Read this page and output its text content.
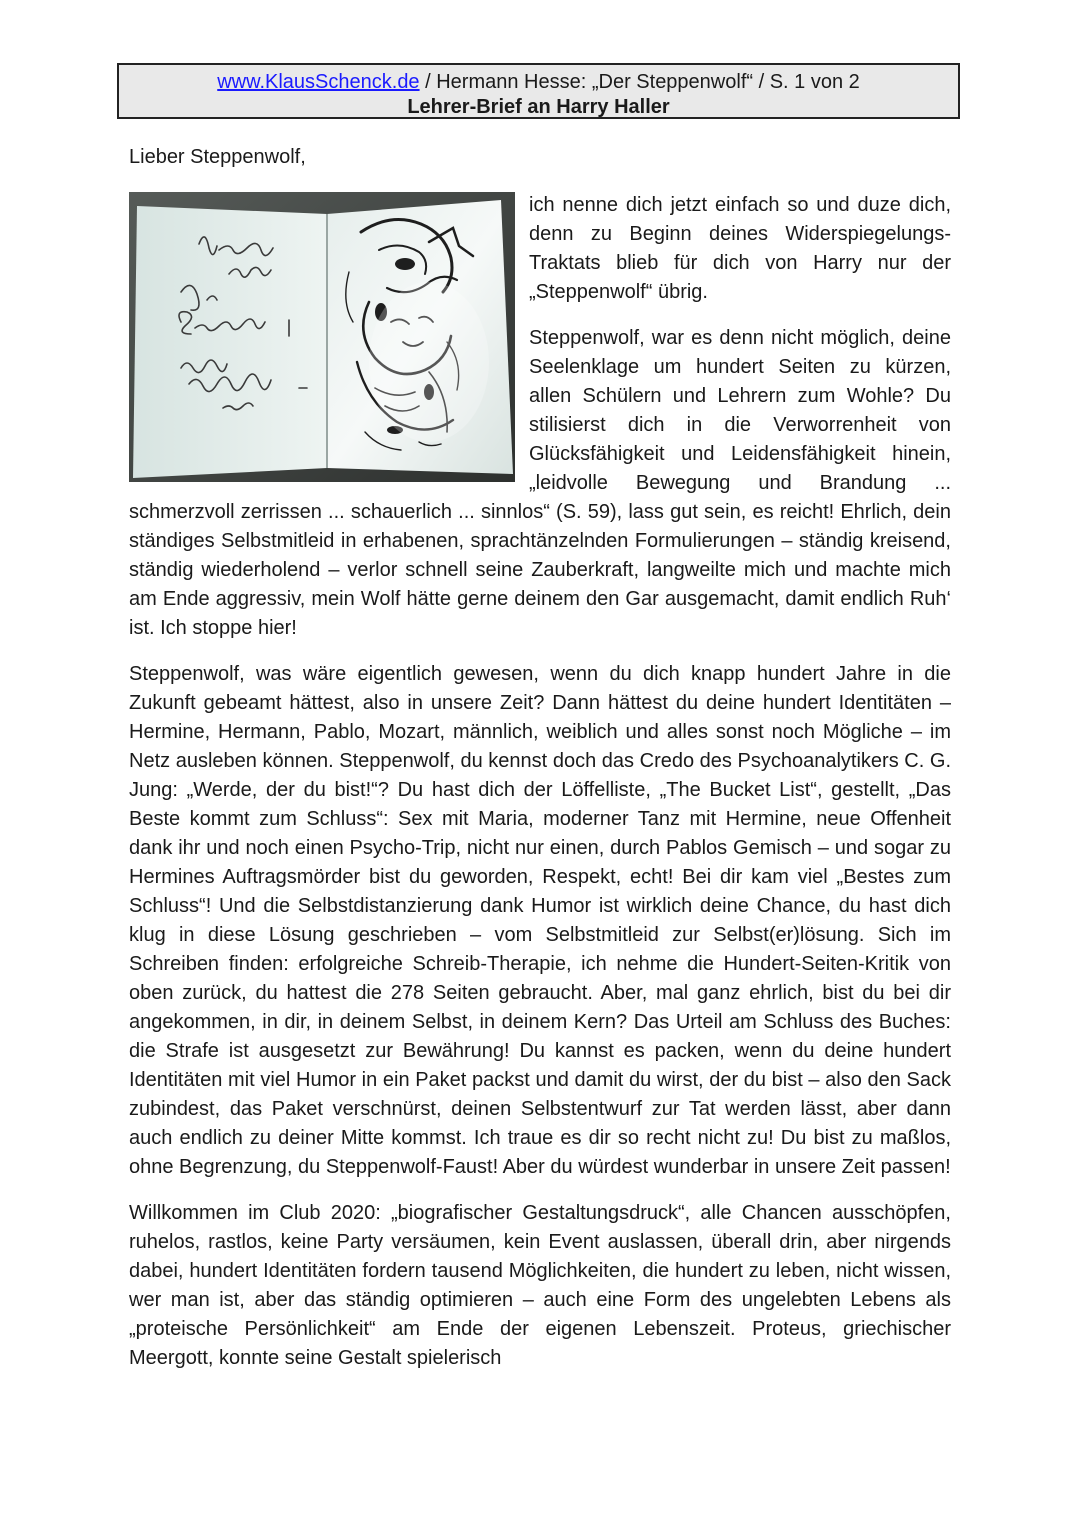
www.KlausSchenck.de / Hermann Hesse: „Der Steppenwolf“ / S. 1 von 2
Lehrer-Brief an Harry Haller

Lieber Steppenwolf,

ich nenne dich jetzt einfach so und duze dich, denn zu Beginn deines Widerspiegelungs-Traktats blieb für dich von Harry nur der „Steppenwolf“ übrig.

Steppenwolf, war es denn nicht möglich, deine Seelenklage um hundert Seiten zu kürzen, allen Schülern und Lehrern zum Wohle? Du stilisierst dich in die Verworrenheit von Glücksfähigkeit und Leidensfähigkeit hinein, „leidvolle Bewegung und Brandung ... schmerzvoll zerrissen ... schauerlich ... sinnlos“ (S. 59), lass gut sein, es reicht! Ehrlich, dein ständiges Selbstmitleid in erhabenen, sprachtänzelnden Formulierungen – ständig kreisend, ständig wiederholend – verlor schnell seine Zauberkraft, langweilte mich und machte mich am Ende aggressiv, mein Wolf hätte gerne deinem den Gar ausgemacht, damit endlich Ruh‘ ist. Ich stoppe hier!

Steppenwolf, was wäre eigentlich gewesen, wenn du dich knapp hundert Jahre in die Zukunft gebeamt hättest, also in unsere Zeit? Dann hättest du deine hundert Identitäten – Hermine, Hermann, Pablo, Mozart, männlich, weiblich und alles sonst noch Mögliche – im Netz ausleben können. Steppenwolf, du kennst doch das Credo des Psychoanalytikers C. G. Jung: „Werde, der du bist!“? Du hast dich der Löffelliste, „The Bucket List“, gestellt, „Das Beste kommt zum Schluss“: Sex mit Maria, moderner Tanz mit Hermine, neue Offenheit dank ihr und noch einen Psycho-Trip, nicht nur einen, durch Pablos Gemisch – und sogar zu Hermines Auftragsmörder bist du geworden, Respekt, echt! Bei dir kam viel „Bestes zum Schluss“! Und die Selbstdistanzierung dank Humor ist wirklich deine Chance, du hast dich klug in diese Lösung geschrieben – vom Selbstmitleid zur Selbst(er)lösung. Sich im Schreiben finden: erfolgreiche Schreib-Therapie, ich nehme die Hundert-Seiten-Kritik von oben zurück, du hattest die 278 Seiten gebraucht. Aber, mal ganz ehrlich, bist du bei dir angekommen, in dir, in deinem Selbst, in deinem Kern? Das Urteil am Schluss des Buches: die Strafe ist ausgesetzt zur Bewährung! Du kannst es packen, wenn du deine hundert Identitäten mit viel Humor in ein Paket packst und damit du wirst, der du bist – also den Sack zubindest, das Paket verschnürst, deinen Selbstentwurf zur Tat werden lässt, aber dann auch endlich zu deiner Mitte kommst. Ich traue es dir so recht nicht zu! Du bist zu maßlos, ohne Begrenzung, du Steppenwolf-Faust! Aber du würdest wunderbar in unsere Zeit passen!

Willkommen im Club 2020: „biografischer Gestaltungsdruck“, alle Chancen ausschöpfen, ruhelos, rastlos, keine Party versäumen, kein Event auslassen, überall drin, aber nirgends dabei, hundert Identitäten fordern tausend Möglichkeiten, die hundert zu leben, nicht wissen, wer man ist, aber das ständig optimieren – auch eine Form des ungelebten Lebens als „proteische Persönlichkeit“ am Ende der eigenen Lebenszeit. Proteus, griechischer Meergott, konnte seine Gestalt spielerisch
